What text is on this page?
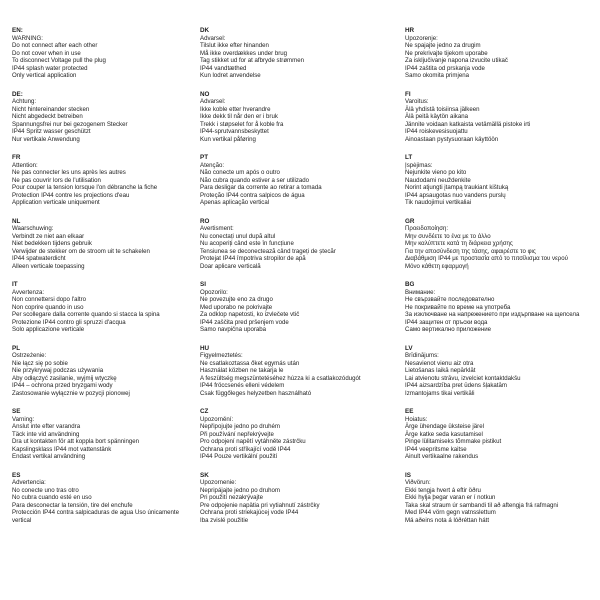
EN:
WARNING:
Do not connect after each other
Do not cover when in use
To disconnect Voltage pull the plug
IP44 splash water protected
Only vertical application
DK
Advarsel:
Tilslut ikke efter hinanden
Må ikke overdækkes under brug
Tag stikket ud for at afbryde strømmen
IP44 vandtæthed
Kun lodret anvendelse
HR
Upozorenje:
Ne spajajte jedno za drugim
Ne prekrivajte tijekom uporabe
Za isključivanje napona izvucite utikač
IP44 zaštita od prskanja vode
Samo okomita primjena
DE:
Achtung:
Nicht hintereinander stecken
Nicht abgedeckt betreiben
Spannungsfrei nur bei gezogenem Stecker
IP44 Spritz wasser geschützt
Nur vertikale Anwendung
NO
Advarsel:
Ikke koble etter hverandre
Ikke dekk til når den er i bruk
Trekk i støpselet for å koble fra
IP44-sprutvannsbeskyttet
Kun vertikal påføring
FI
Varoitus:
Älä yhdistä toisiinsa jälkeen
Älä peitä käytön aikana
Jännite voidaan katkaista vetämällä pistoke irti
IP44 roiskevesisuojattu
Ainoastaan pystysuoraan käyttöön
FR
Attention:
Ne pas connecter les uns après les autres
Ne pas couvrir lors de l'utilisation
Pour couper la tension lorsque l'on débranche la fiche
Protection IP44 contre les projections d'eau
Application verticale uniquement
PT
Atenção:
Não conecte um após o outro
Não cubra quando estiver a ser utilizado
Para desligar da corrente ao retirar a tomada
Proteção IP44 contra salpicos de água
Apenas aplicação vertical
LT
Įspėjimas:
Nejunkite vieno po kito
Naudodami neuždenkite
Norint atjungti įtampą traukiant kištuką
IP44 apsaugotas nuo vandens purslų
Tik naudojimui vertikaliai
NL
Waarschuwing:
Verbindt ze niet aan elkaar
Niet bedekken tijdens gebruik
Verwijder de stekker om de stroom uit te schakelen
IP44 spatwaterdicht
Alleen verticale toepassing
RO
Avertisment:
Nu conectați unul după altul
Nu acoperiți când este în funcțiune
Tensiunea se deconectează când trageți de ștecăr
Protejat IP44 împotriva stropilor de apă
Doar aplicare verticală
GR
Προειδοποίηση:
Μην συνδέετε το ένα με το άλλο
Μην καλύπτετε κατά τη διάρκεια χρήσης
Για την αποσύνδεση της τάσης, αφαιρέστε το φις
Διαβάθμιση IP44 με προστασία από το πιτσίλισμα του νερού
Μόνο κάθετη εφαρμογή
IT
Avvertenza:
Non connettersi dopo l'altro
Non coprire quando in uso
Per scollegare dalla corrente quando si stacca la spina
Protezione IP44 contro gli spruzzi d'acqua
Solo applicazione verticale
SI
Opozorilo:
Ne povezujte eno za drugo
Med uporabo ne pokrivajte
Za odklop napetosti, ko izvlečete vtič
IP44 zaščita pred pršenjem vode
Samo navpična uporaba
BG
Внимание:
Не свързвайте последователно
Не покривайте по време на употреба
За изключване на напрежението при издърпване на щепсела
IP44 защитен от пръски вода
Само вертикално приложение
PL
Ostrzeżenie:
Nie łącz się po sobie
Nie przykrywaj podczas używania
Aby odłączyć zasilanie, wyjmij wtyczkę
IP44 – ochrona przed bryzgami wody
Zastosowanie wyłącznie w pozycji pionowej
HU
Figyelmeztetés:
Ne csatlakoztassa őket egymás után
Használat közben ne takarja le
A feszültség megszüntetéséhez húzza ki a csatlakozódugót
IP44 fröccsenés elleni védelem
Csak függőleges helyzetben használható
LV
Brīdinājums:
Nesavienot vienu aiz otra
Lietošanas laikā nepārklāt
Lai atvienotu strāvu, izvelciet kontaktdakšu
IP44 aizsardzība pret ūdens šļakatām
Izmantojams tikai vertikāli
SE
Varning:
Anslut inte efter varandra
Täck inte vid användning
Dra ut kontakten för att koppla bort spänningen
Kapslingsklass IP44 mot vattenstänk
Endast vertikal användning
CZ
Upozornění:
Nepřipojujte jedno po druhém
Při používání nepřekrývejte
Pro odpojení napětí vytáhněte zástrčku
Ochrana proti stříkající vodě IP44
IP44 Pouze vertikální použití
EE
Hoiatus:
Ärge ühendage üksteise järel
Ärge katke seda kasutamisel
Pinge lülitamiseks tõmmake pistikut
IP44 veepritsme kaitse
Ainult vertikaalne rakendus
ES
Advertencia:
No conecte uno tras otro
No cubra cuando esté en uso
Para desconectar la tensión, tire del enchufe
Protección IP44 contra salpicaduras de agua Uso únicamente
vertical
SK
Upozornenie:
Nepripájajte jedno po druhom
Pri použití nezakrývajte
Pre odpojenie napätia pri vytiahnutí zástrčky
Ochrana proti striekajúcej vode IP44
Iba zvislé použitie
IS
Viðvörun:
Ekki tengja hvert á eftir öðru
Ekki hylja þegar varan er í notkun
Taka skal straum úr sambandi til að aftengja frá rafmagni
Med IP44 vörn gegn vatnsslettum
Má aðeins nota á lóðréttan hátt
